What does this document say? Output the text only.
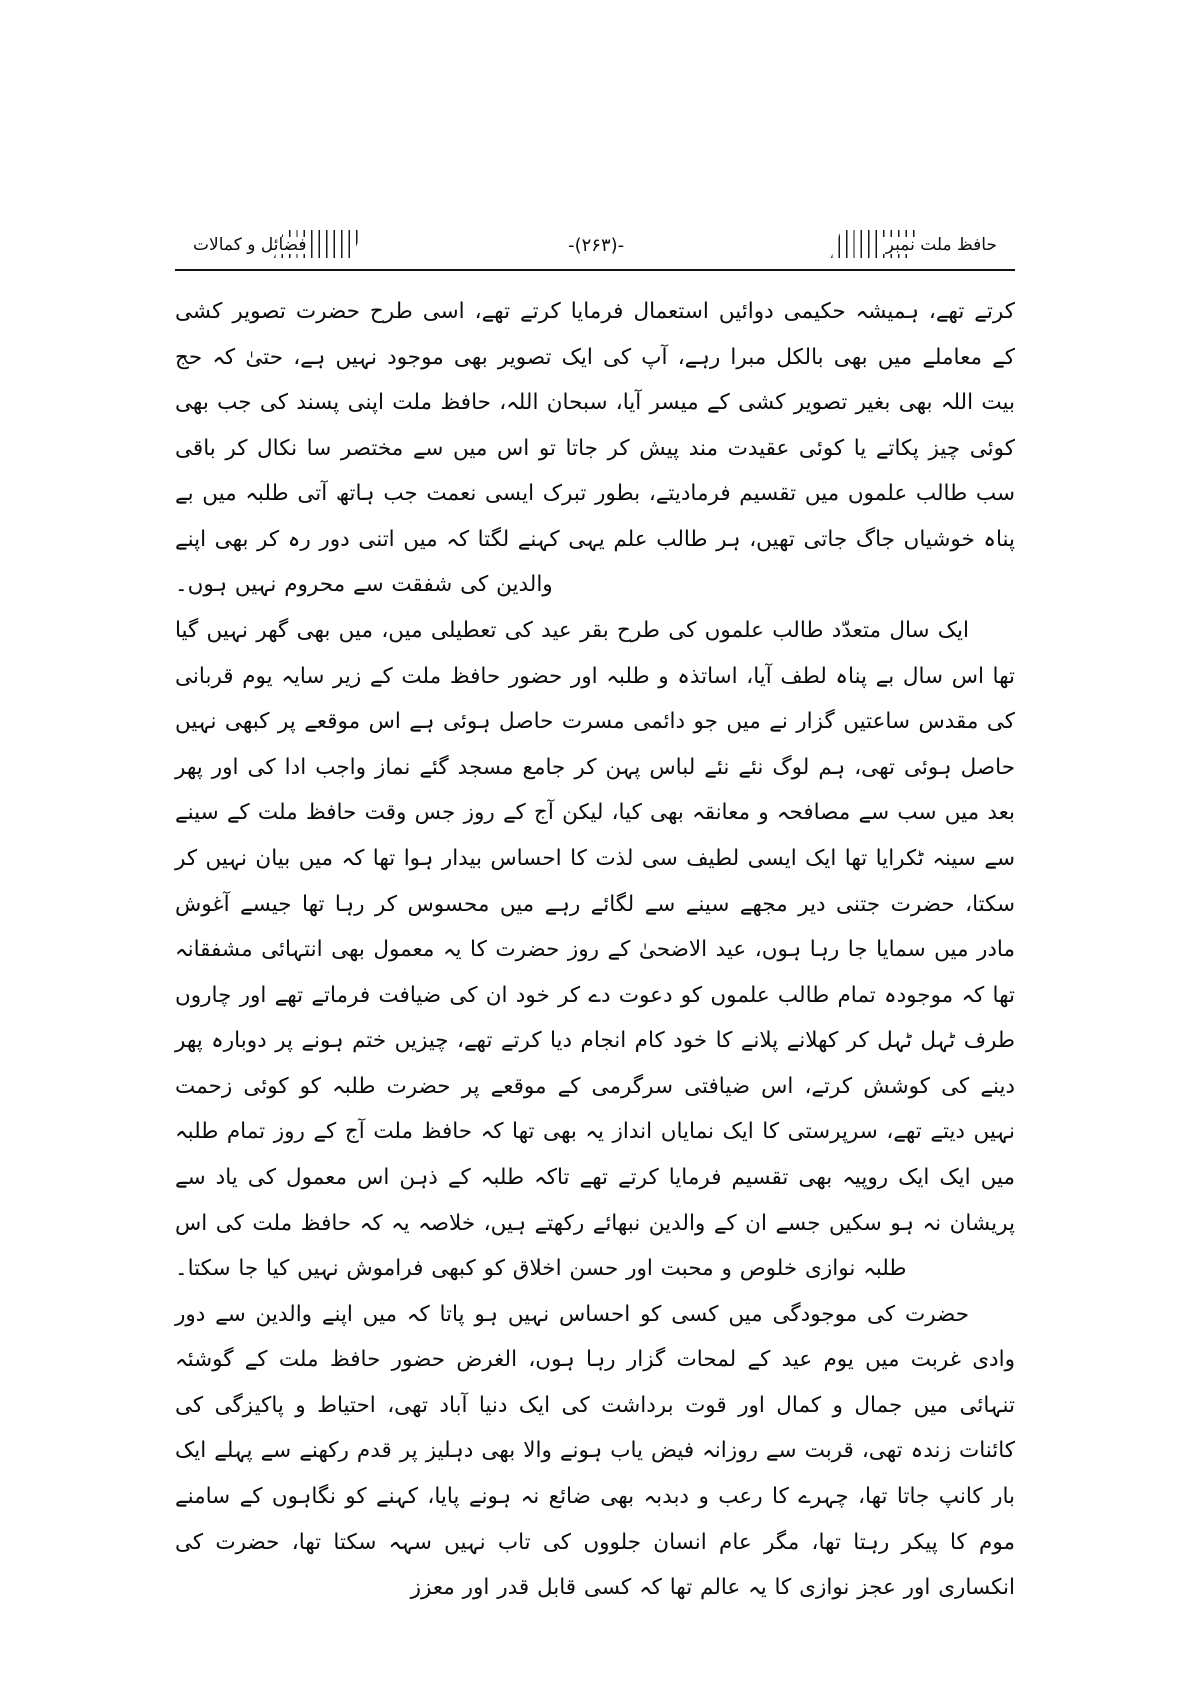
حافظ ملت نمبر
-(۲۶۳)-
فضائل و کمالات

کرتے تھے، ہمیشہ حکیمی دوائیں استعمال فرمایا کرتے تھے، اسی طرح حضرت تصویر کشی کے معاملے میں بھی بالکل مبرا رہے، آپ کی ایک تصویر بھی موجود نہیں ہے، حتیٰ کہ حج بیت اللہ بھی بغیر تصویر کشی کے میسر آیا، سبحان اللہ، حافظ ملت اپنی پسند کی جب بھی کوئی چیز پکاتے یا کوئی عقیدت مند پیش کر جاتا تو اس میں سے مختصر سا نکال کر باقی سب طالب علموں میں تقسیم فرمادیتے، بطور تبرک ایسی نعمت جب ہاتھ آتی طلبہ میں بے پناہ خوشیاں جاگ جاتی تھیں، ہر طالب علم یہی کہنے لگتا کہ میں اتنی دور رہ کر بھی اپنے والدین کی شفقت سے محروم نہیں ہوں۔

ایک سال متعدّد طالب علموں کی طرح بقر عید کی تعطیلی میں، میں بھی گھر نہیں گیا تھا اس سال بے پناہ لطف آیا، اساتذہ و طلبہ اور حضور حافظ ملت کے زیر سایہ یوم قربانی کی مقدس ساعتیں گزار نے میں جو دائمی مسرت حاصل ہوئی ہے اس موقعے پر کبھی نہیں حاصل ہوئی تھی، ہم لوگ نئے نئے لباس پہن کر جامع مسجد گئے نماز واجب ادا کی اور پھر بعد میں سب سے مصافحہ و معانقہ بھی کیا، لیکن آج کے روز جس وقت حافظ ملت کے سینے سے سینہ ٹکرایا تھا ایک ایسی لطیف سی لذت کا احساس بیدار ہوا تھا کہ میں بیان نہیں کر سکتا، حضرت جتنی دیر مجھے سینے سے لگائے رہے میں محسوس کر رہا تھا جیسے آغوش مادر میں سمایا جا رہا ہوں، عید الاضحیٰ کے روز حضرت کا یہ معمول بھی انتہائی مشفقانہ تھا کہ موجودہ تمام طالب علموں کو دعوت دے کر خود ان کی ضیافت فرماتے تھے اور چاروں طرف ٹہل ٹہل کر کھلانے پلانے کا خود کام انجام دیا کرتے تھے، چیزیں ختم ہونے پر دوبارہ پھر دینے کی کوشش کرتے، اس ضیافتی سرگرمی کے موقعے پر حضرت طلبہ کو کوئی زحمت نہیں دیتے تھے، سرپرستی کا ایک نمایاں انداز یہ بھی تھا کہ حافظ ملت آج کے روز تمام طلبہ میں ایک ایک روپیہ بھی تقسیم فرمایا کرتے تھے تاکہ طلبہ کے ذہن اس معمول کی یاد سے پریشان نہ ہو سکیں جسے ان کے والدین نبھائے رکھتے ہیں، خلاصہ یہ کہ حافظ ملت کی اس طلبہ نوازی خلوص و محبت اور حسن اخلاق کو کبھی فراموش نہیں کیا جا سکتا۔

حضرت کی موجودگی میں کسی کو احساس نہیں ہو پاتا کہ میں اپنے والدین سے دور وادی غربت میں یوم عید کے لمحات گزار رہا ہوں، الغرض حضور حافظ ملت کے گوشئہ تنہائی میں جمال و کمال اور قوت برداشت کی ایک دنیا آباد تھی، احتیاط و پاکیزگی کی کائنات زندہ تھی، قربت سے روزانہ فیض یاب ہونے والا بھی دہلیز پر قدم رکھنے سے پہلے ایک بار کانپ جاتا تھا، چہرے کا رعب و دبدبہ بھی ضائع نہ ہونے پایا، کہنے کو نگاہوں کے سامنے موم کا پیکر رہتا تھا، مگر عام انسان جلووں کی تاب نہیں سہہ سکتا تھا، حضرت کی انکساری اور عجز نوازی کا یہ عالم تھا کہ کسی قابل قدر اور معزز
